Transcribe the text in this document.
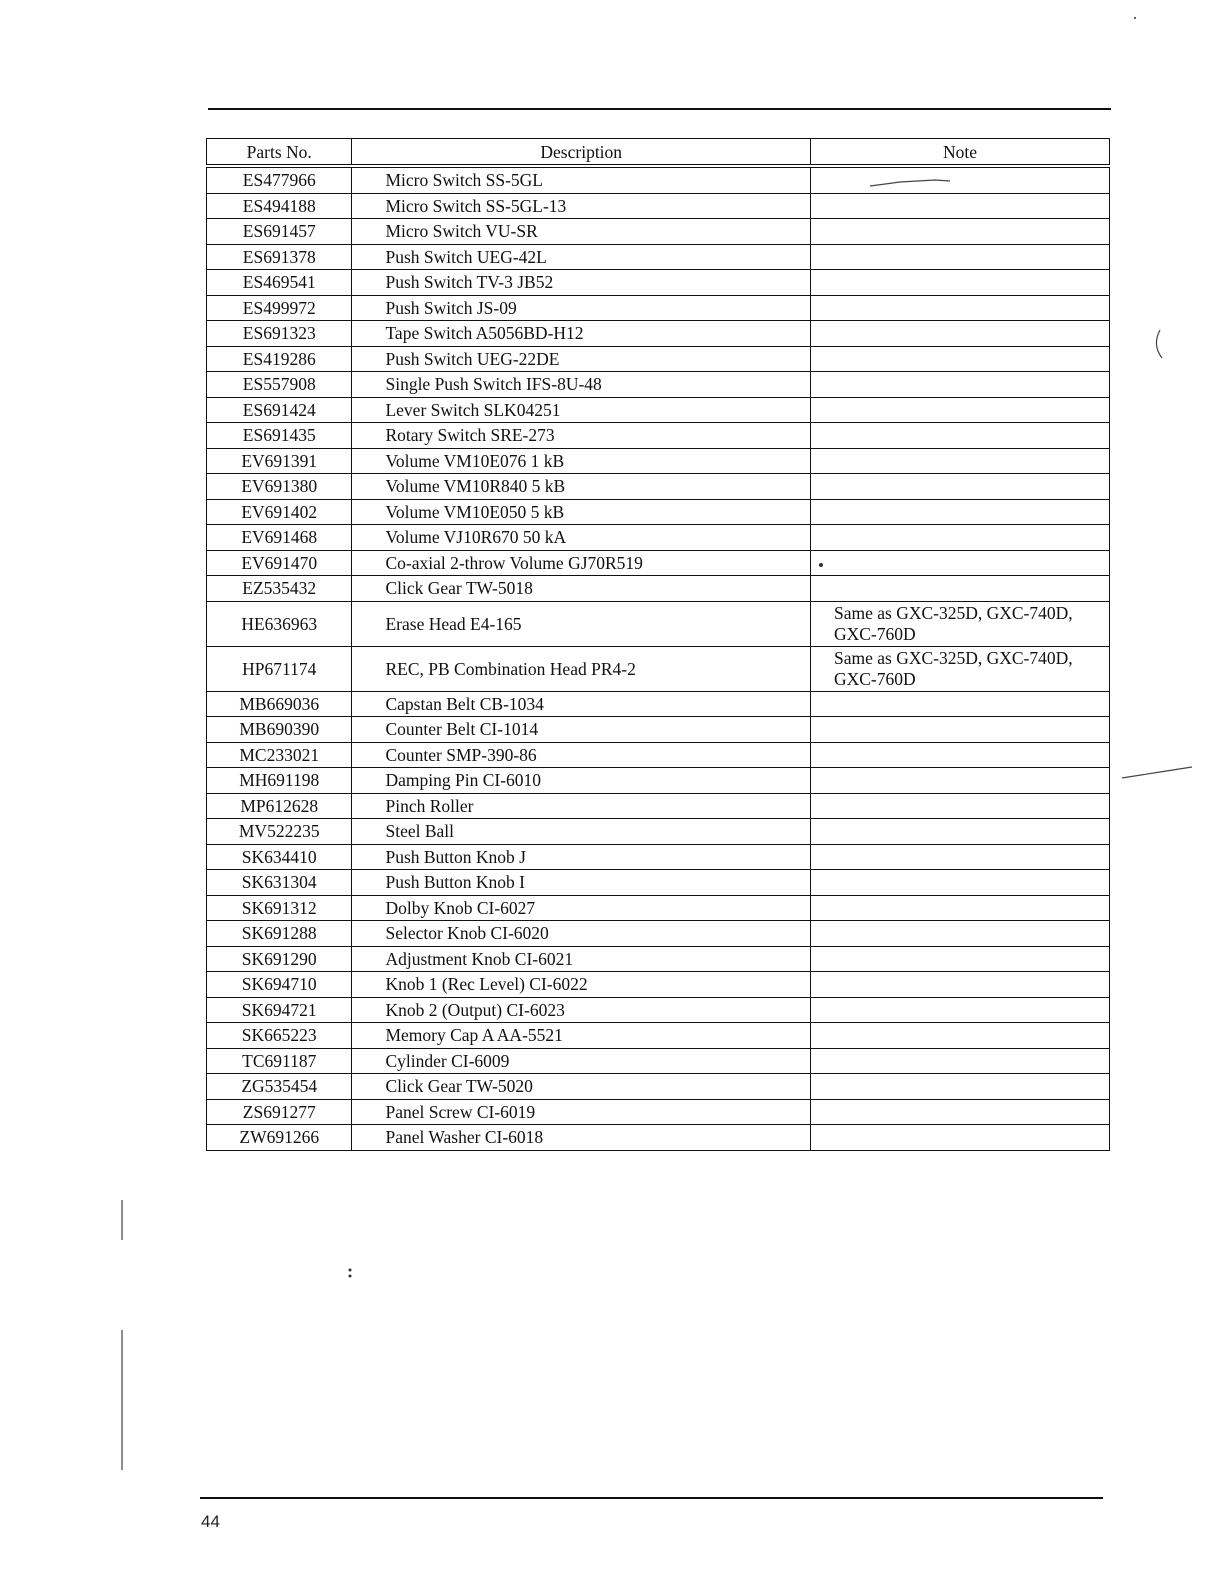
Parts No.	Description	Note
ES477966	Micro Switch SS-5GL	
ES494188	Micro Switch SS-5GL-13	
ES691457	Micro Switch VU-SR	
ES691378	Push Switch UEG-42L	
ES469541	Push Switch TV-3 JB52	
ES499972	Push Switch JS-09	
ES691323	Tape Switch A5056BD-H12	
ES419286	Push Switch UEG-22DE	
ES557908	Single Push Switch IFS-8U-48	
ES691424	Lever Switch SLK04251	
ES691435	Rotary Switch SRE-273	
EV691391	Volume VM10E076 1 kB	
EV691380	Volume VM10R840 5 kB	
EV691402	Volume VM10E050 5 kB	
EV691468	Volume VJ10R670 50 kA	
EV691470	Co-axial 2-throw Volume GJ70R519	
EZ535432	Click Gear TW-5018	
HE636963	Erase Head E4-165	Same as GXC-325D, GXC-740D, GXC-760D
HP671174	REC, PB Combination Head PR4-2	Same as GXC-325D, GXC-740D, GXC-760D
MB669036	Capstan Belt CB-1034	
MB690390	Counter Belt CI-1014	
MC233021	Counter SMP-390-86	
MH691198	Damping Pin CI-6010	
MP612628	Pinch Roller	
MV522235	Steel Ball	
SK634410	Push Button Knob J	
SK631304	Push Button Knob I	
SK691312	Dolby Knob CI-6027	
SK691288	Selector Knob CI-6020	
SK691290	Adjustment Knob CI-6021	
SK694710	Knob 1 (Rec Level) CI-6022	
SK694721	Knob 2 (Output) CI-6023	
SK665223	Memory Cap A AA-5521	
TC691187	Cylinder CI-6009	
ZG535454	Click Gear TW-5020	
ZS691277	Panel Screw CI-6019	
ZW691266	Panel Washer CI-6018	
44
